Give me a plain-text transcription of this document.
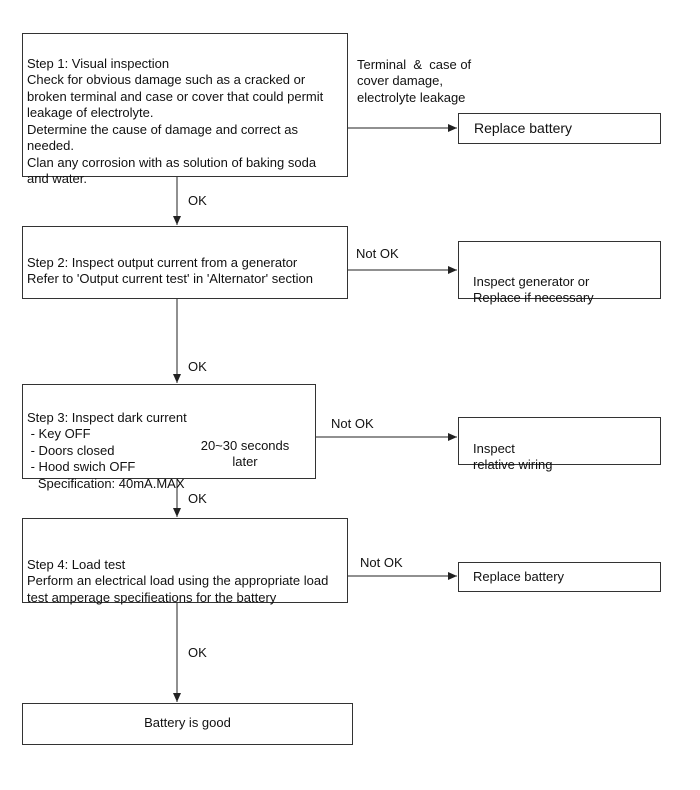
Step 1: Visual inspection
Check for obvious damage such as a cracked or
broken terminal and case or cover that could permit
leakage of electrolyte.
Determine the cause of damage and correct as
needed.
Clan any corrosion with as solution of baking soda
and water.

Terminal  &  case of
cover damage,
electrolyte leakage

Replace battery
OK

Step 2: Inspect output current from a generator
Refer to 'Output current test' in 'Alternator' section

Not OK

Inspect generator or
Replace if necessary

OK

Step 3: Inspect dark current
- Key OFF
- Doors closed
- Hood swich OFF
Specification: 40mA.MAX

20~30 seconds
later

Not OK

Inspect
relative wiring

OK

Step 4: Load test
Perform an electrical load using the appropriate load
test amperage specifieations for the battery

Not OK
Replace battery
OK
Battery is good
